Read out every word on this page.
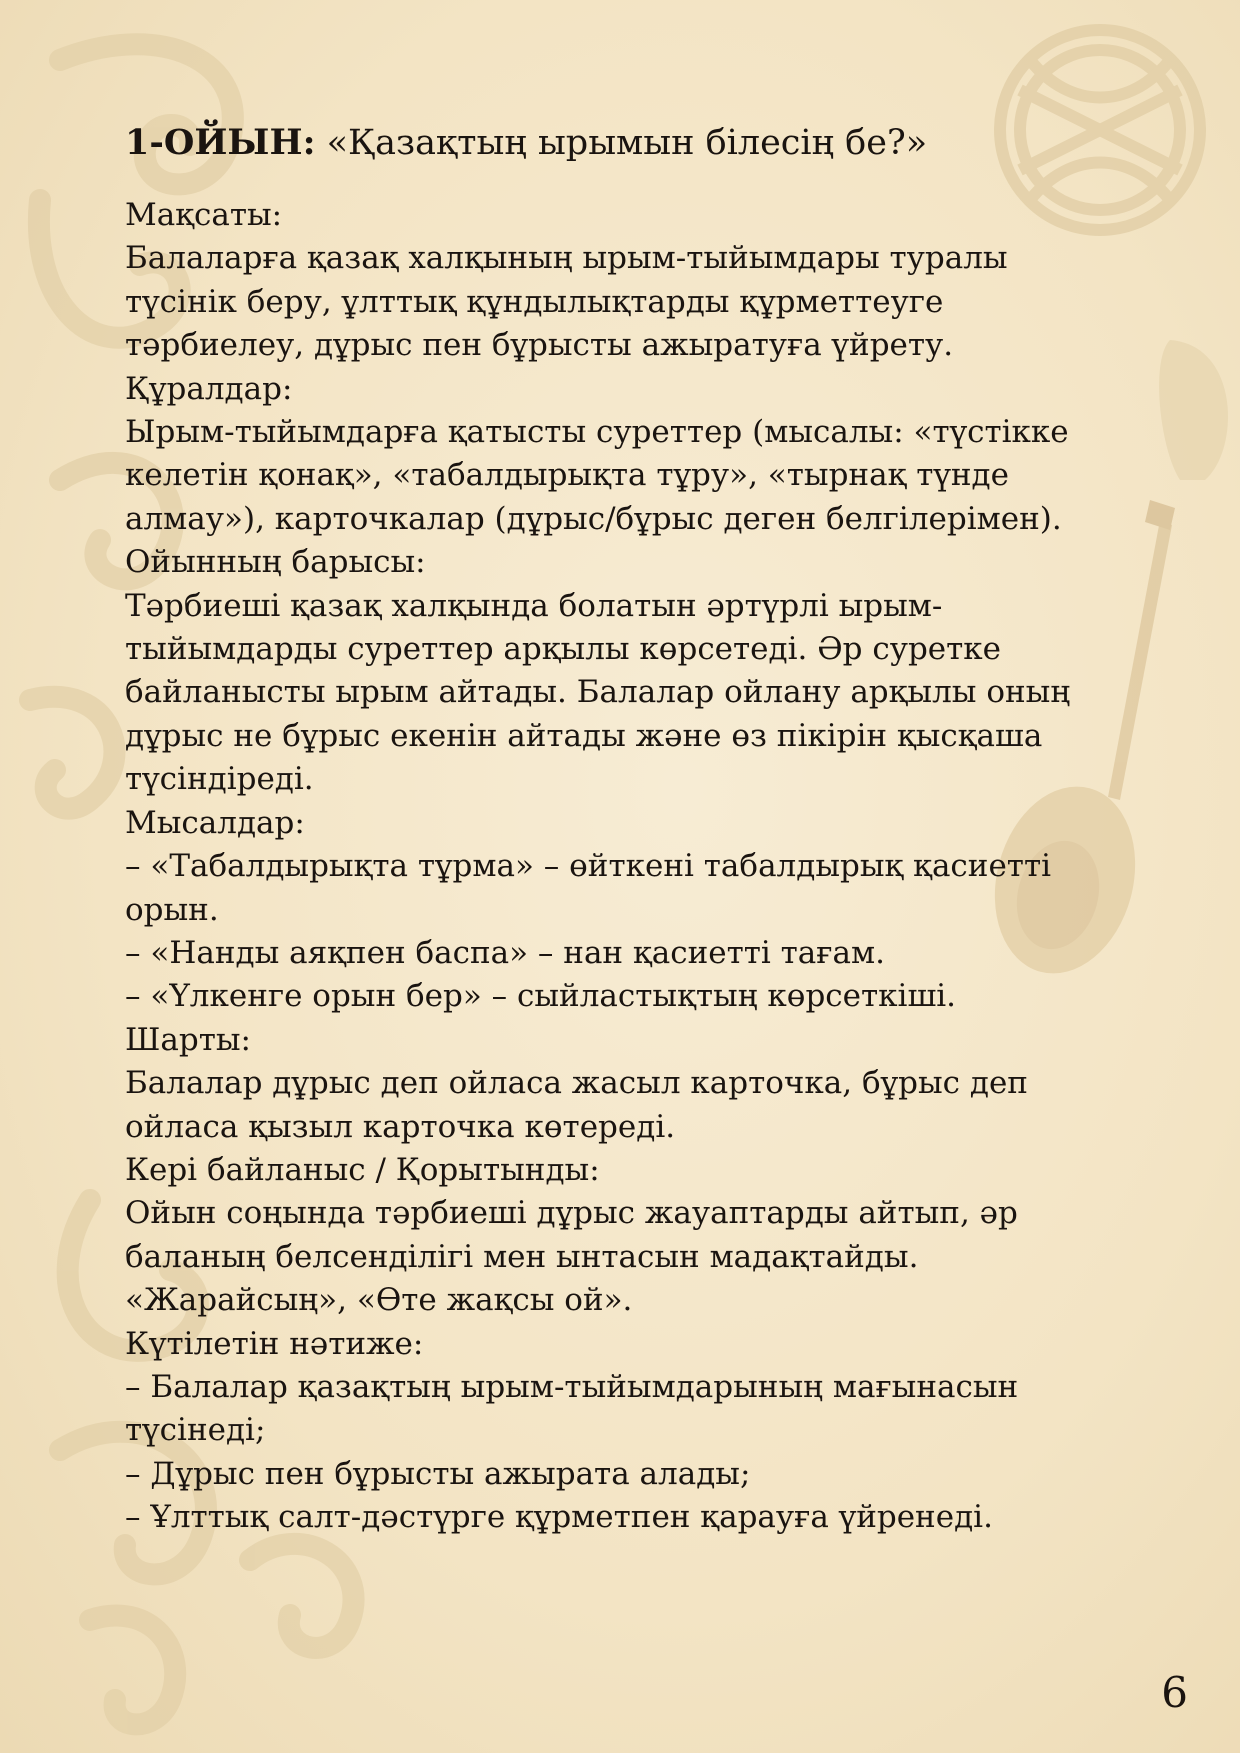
1-ОЙЫН: «Қазақтың ырымын білесің бе?»

Мақсаты:

Балаларға қазақ халқының ырым-тыйымдары туралы

түсінік беру, ұлттық құндылықтарды құрметтеуге

тәрбиелеу, дұрыс пен бұрысты ажыратуға үйрету.

Құралдар:

Ырым-тыйымдарға қатысты суреттер (мысалы: «түстікке

келетін қонақ», «табалдырықта тұру», «тырнақ түнде

алмау»), карточкалар (дұрыс/бұрыс деген белгілерімен).

Ойынның барысы:

Тәрбиеші қазақ халқында болатын әртүрлі ырым-

тыйымдарды суреттер арқылы көрсетеді. Әр суретке

байланысты ырым айтады. Балалар ойлану арқылы оның

дұрыс не бұрыс екенін айтады және өз пікірін қысқаша

түсіндіреді.

Мысалдар:

– «Табалдырықта тұрма» – өйткені табалдырық қасиетті

орын.

– «Нанды аяқпен баспа» – нан қасиетті тағам.

– «Үлкенге орын бер» – сыйластықтың көрсеткіші.

Шарты:

Балалар дұрыс деп ойласа жасыл карточка, бұрыс деп

ойласа қызыл карточка көтереді.

Кері байланыс / Қорытынды:

Ойын соңында тәрбиеші дұрыс жауаптарды айтып, әр

баланың белсенділігі мен ынтасын мадақтайды.

«Жарайсың», «Өте жақсы ой».

Күтілетін нәтиже:

– Балалар қазақтың ырым-тыйымдарының мағынасын

түсінеді;

– Дұрыс пен бұрысты ажырата алады;

– Ұлттық салт-дәстүрге құрметпен қарауға үйренеді.

6
